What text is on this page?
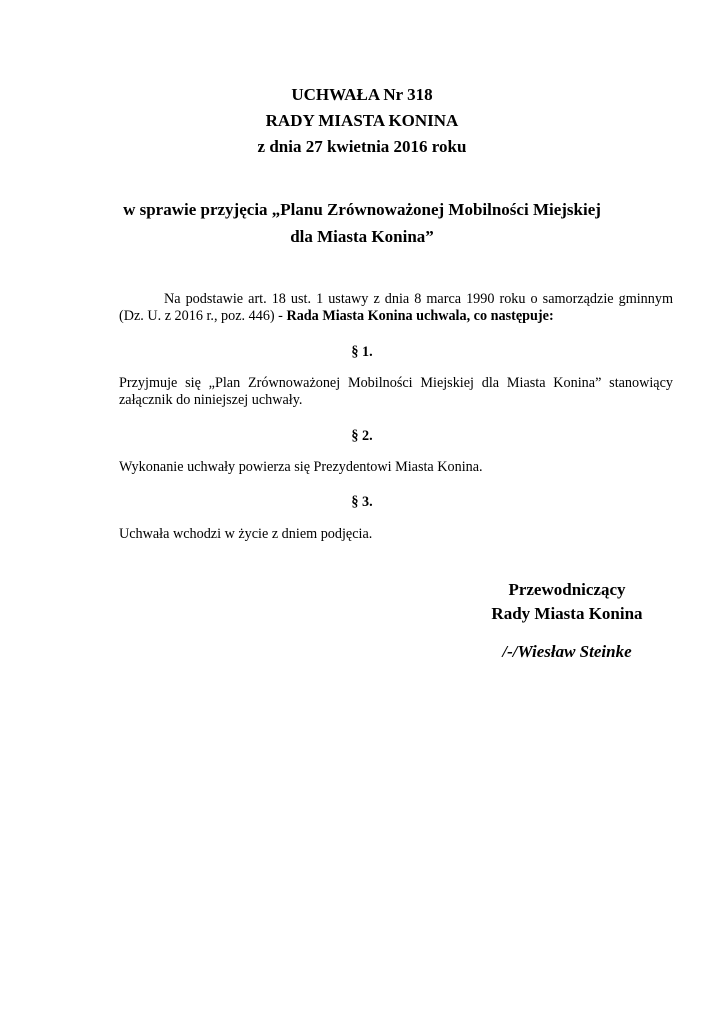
UCHWAŁA Nr 318
RADY MIASTA KONINA
z dnia 27 kwietnia 2016 roku
w sprawie przyjęcia „Planu Zrównoważonej Mobilności Miejskiej
dla Miasta Konina”
Na podstawie art. 18 ust. 1 ustawy z dnia 8 marca 1990 roku o samorządzie gminnym (Dz. U. z 2016 r., poz. 446) - Rada Miasta Konina uchwala, co następuje:
§ 1.
Przyjmuje się „Plan Zrównoważonej Mobilności Miejskiej dla Miasta Konina” stanowiący załącznik do niniejszej uchwały.
§ 2.
Wykonanie uchwały powierza się Prezydentowi Miasta Konina.
§ 3.
Uchwała wchodzi w życie z dniem podjęcia.
Przewodniczący
Rady Miasta Konina
/-/Wiesław Steinke
